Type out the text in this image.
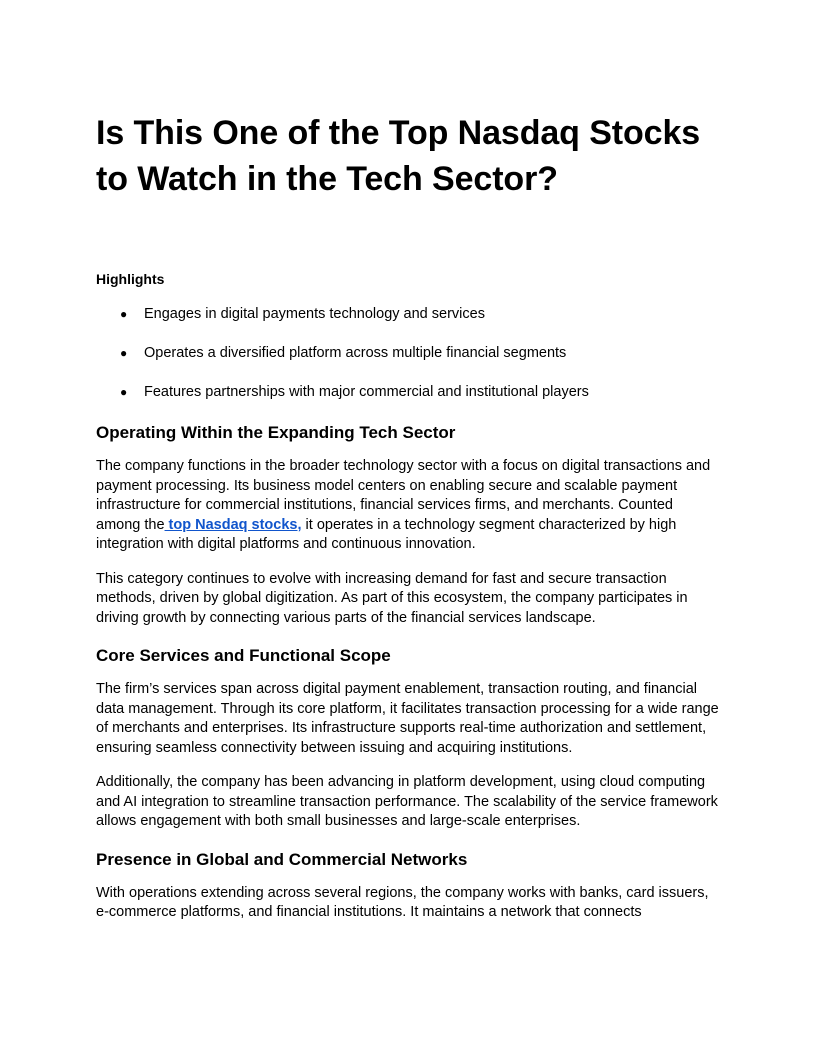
Is This One of the Top Nasdaq Stocks to Watch in the Tech Sector?
Highlights
● Engages in digital payments technology and services
● Operates a diversified platform across multiple financial segments
● Features partnerships with major commercial and institutional players
Operating Within the Expanding Tech Sector

The company functions in the broader technology sector with a focus on digital transactions and payment processing. Its business model centers on enabling secure and scalable payment infrastructure for commercial institutions, financial services firms, and merchants. Counted among the top Nasdaq stocks, it operates in a technology segment characterized by high integration with digital platforms and continuous innovation.

This category continues to evolve with increasing demand for fast and secure transaction methods, driven by global digitization. As part of this ecosystem, the company participates in driving growth by connecting various parts of the financial services landscape.

Core Services and Functional Scope

The firm’s services span across digital payment enablement, transaction routing, and financial data management. Through its core platform, it facilitates transaction processing for a wide range of merchants and enterprises. Its infrastructure supports real-time authorization and settlement, ensuring seamless connectivity between issuing and acquiring institutions.

Additionally, the company has been advancing in platform development, using cloud computing and AI integration to streamline transaction performance. The scalability of the service framework allows engagement with both small businesses and large-scale enterprises.

Presence in Global and Commercial Networks

With operations extending across several regions, the company works with banks, card issuers, e-commerce platforms, and financial institutions. It maintains a network that connects
